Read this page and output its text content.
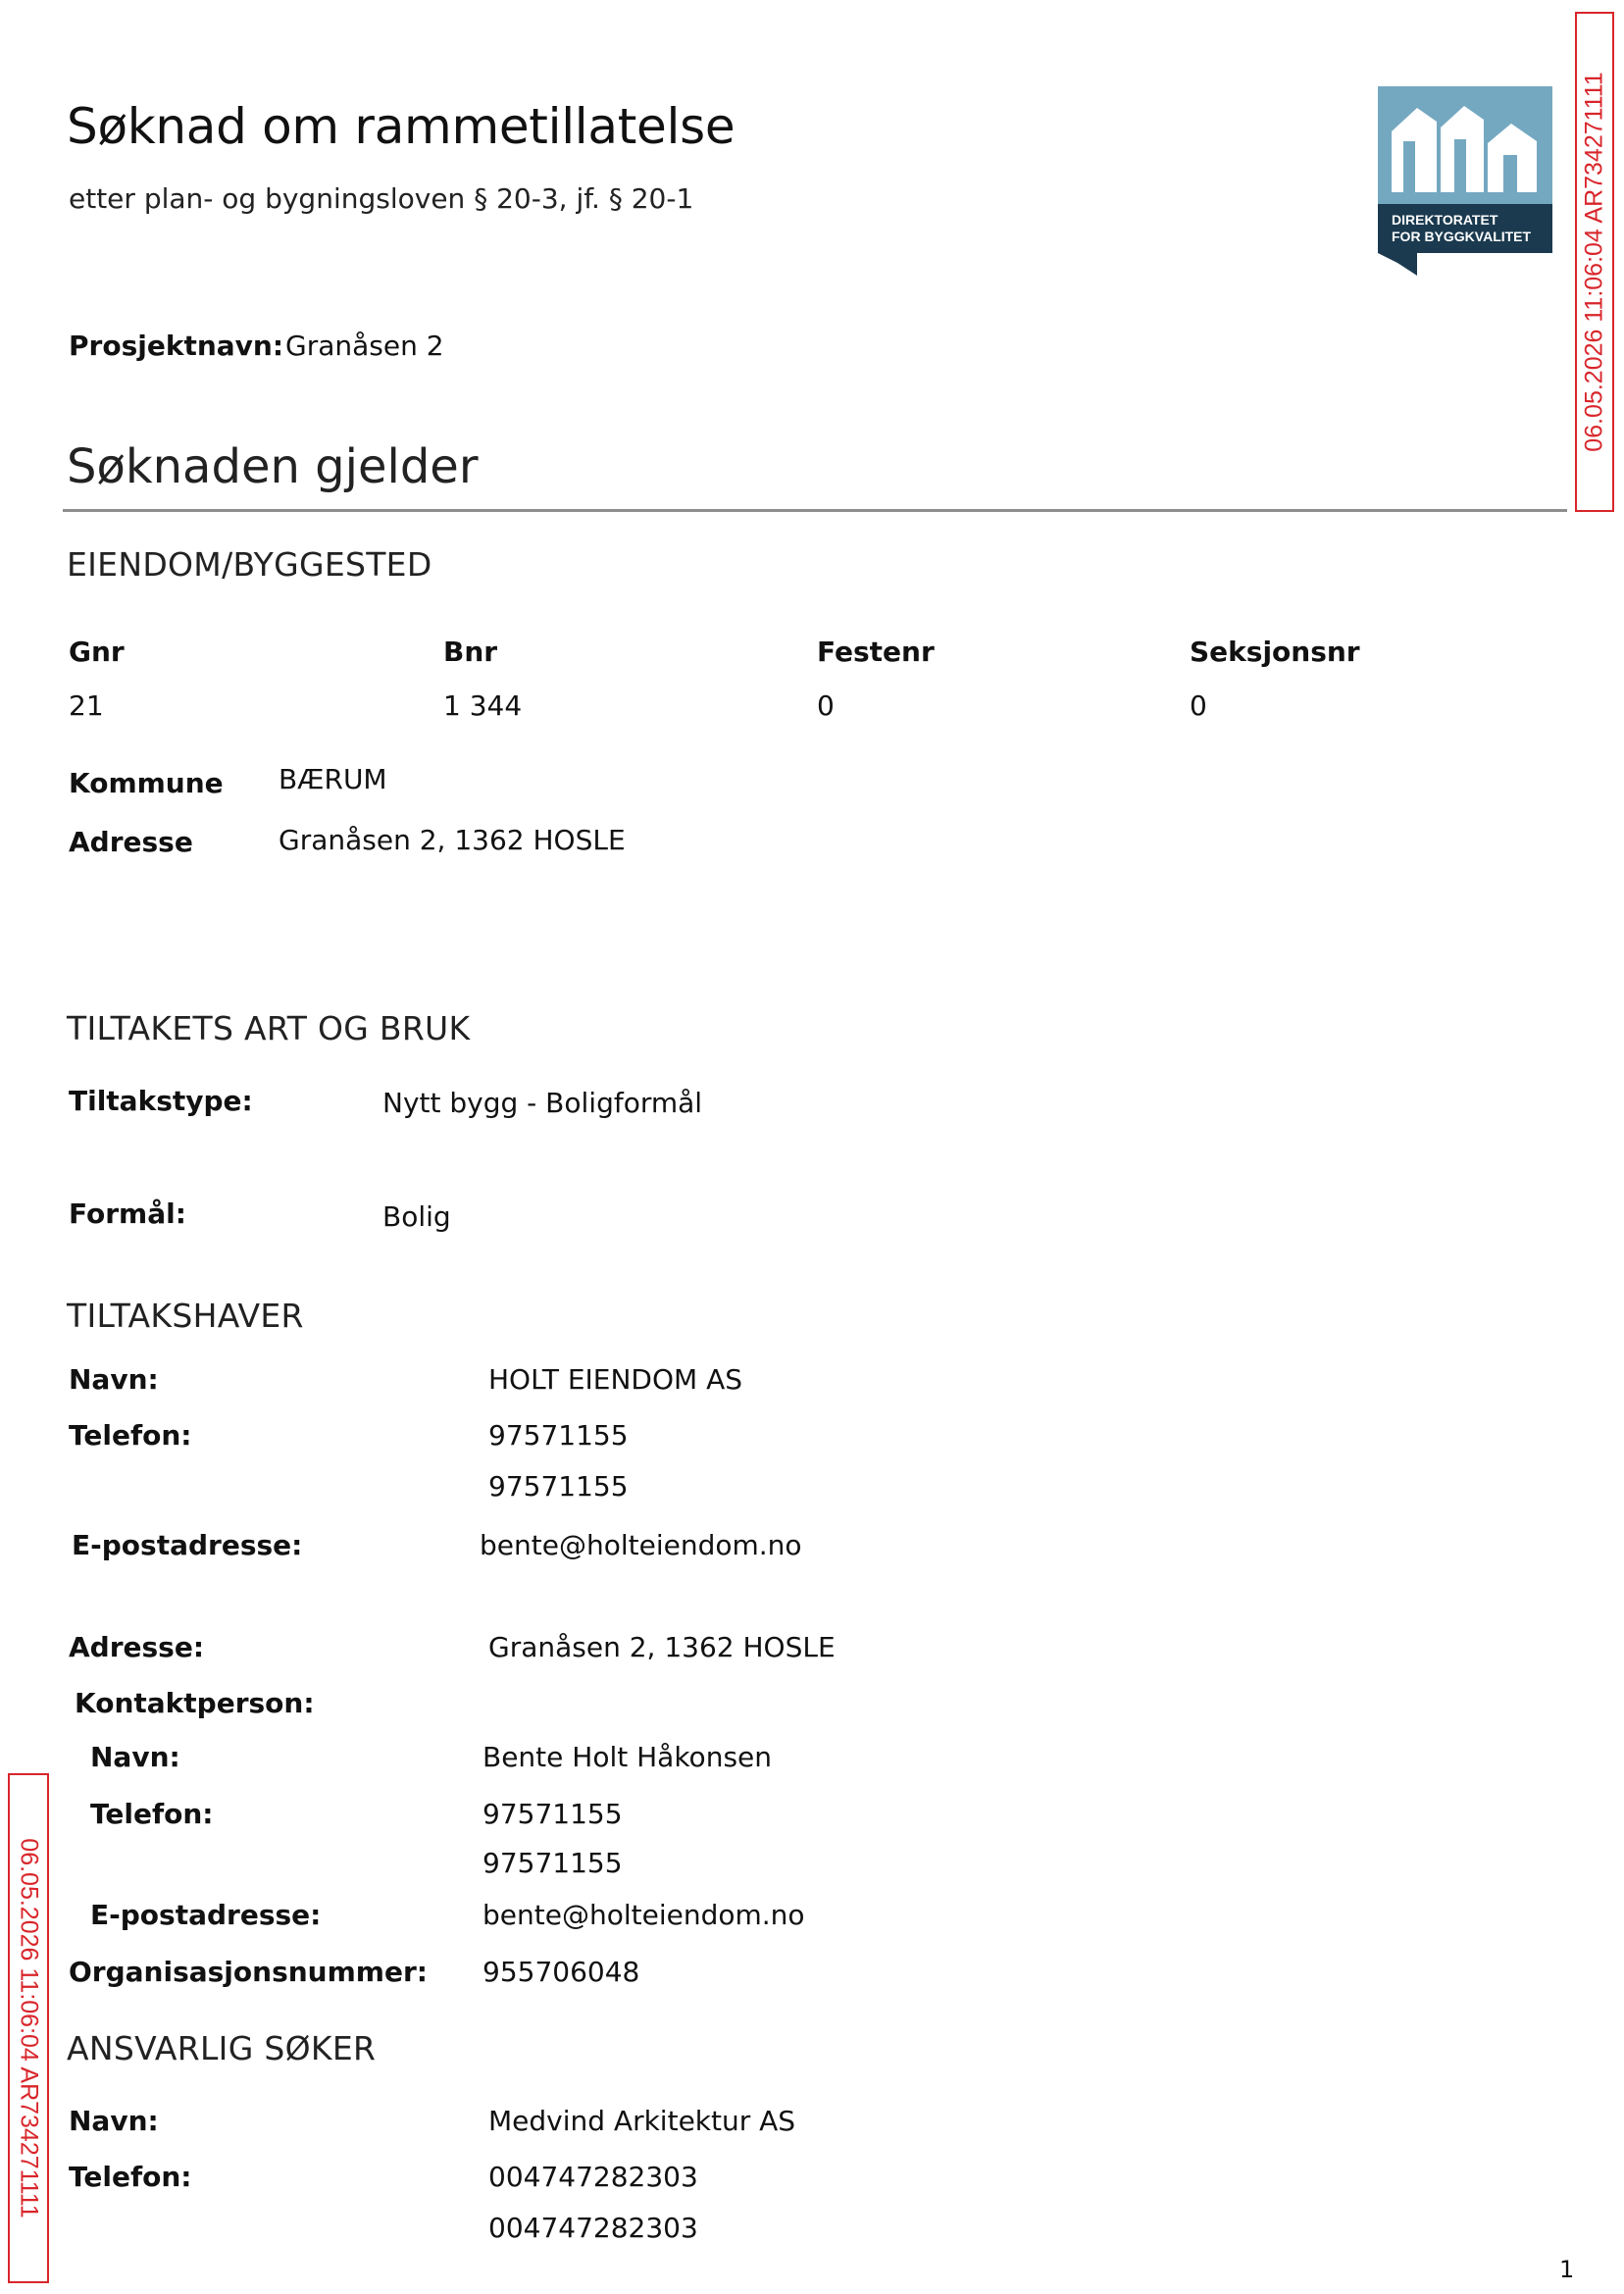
Søknad om rammetillatelse
etter plan- og bygningsloven § 20-3, jf. § 20-1
DIREKTORATET
FOR BYGGKVALITET
Prosjektnavn: Granåsen 2
Søknaden gjelder
EIENDOM/BYGGESTED
Gnr	Bnr	Festenr	Seksjonsnr
21	1 344	0	0
Kommune BÆRUM
Adresse	Granåsen 2, 1362 HOSLE
TILTAKETS ART OG BRUK
Tiltakstype:	Nytt bygg - Boligformål
Formål:	Bolig
TILTAKSHAVER
Navn:	HOLT EIENDOM AS
Telefon:	97571155
97571155
E-postadresse:	bente@holteiendom.no
Adresse:	Granåsen 2, 1362 HOSLE
Kontaktperson:
Navn:	Bente Holt Håkonsen
Telefon:	97571155
97571155
E-postadresse:	bente@holteiendom.no
Organisasjonsnummer: 955706048
ANSVARLIG SØKER
Navn:	Medvind Arkitektur AS
Telefon:	004747282303
004747282303
06.05.2026 11:06:04 AR734271111
06.05.2026 11:06:04 AR734271111
1
